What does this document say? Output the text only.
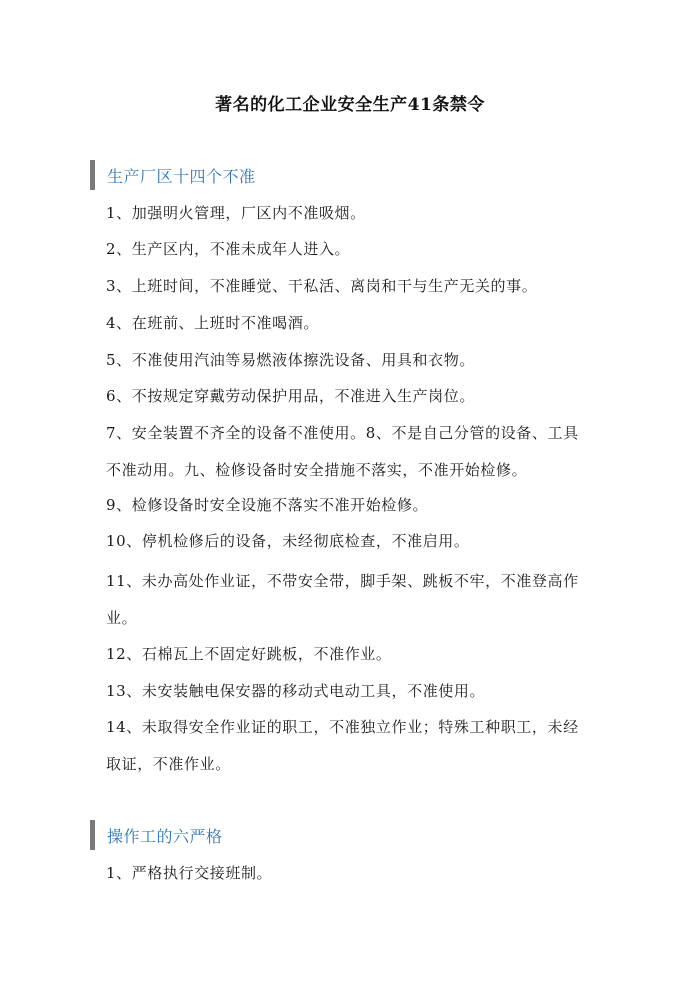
著名的化工企业安全生产41条禁令
生产厂区十四个不准
1、加强明火管理，厂区内不准吸烟。
2、生产区内，不准未成年人进入。
3、上班时间，不准睡觉、干私活、离岗和干与生产无关的事。
4、在班前、上班时不准喝酒。
5、不准使用汽油等易燃液体擦洗设备、用具和衣物。
6、不按规定穿戴劳动保护用品，不准进入生产岗位。
7、安全装置不齐全的设备不准使用。8、不是自己分管的设备、工具不准动用。九、检修设备时安全措施不落实，不准开始检修。
9、检修设备时安全设施不落实不准开始检修。
10、停机检修后的设备，未经彻底检查，不准启用。
11、未办高处作业证，不带安全带，脚手架、跳板不牢，不准登高作业。
12、石棉瓦上不固定好跳板，不准作业。
13、未安装触电保安器的移动式电动工具，不准使用。
14、未取得安全作业证的职工，不准独立作业；特殊工种职工，未经取证，不准作业。
操作工的六严格
1、严格执行交接班制。
